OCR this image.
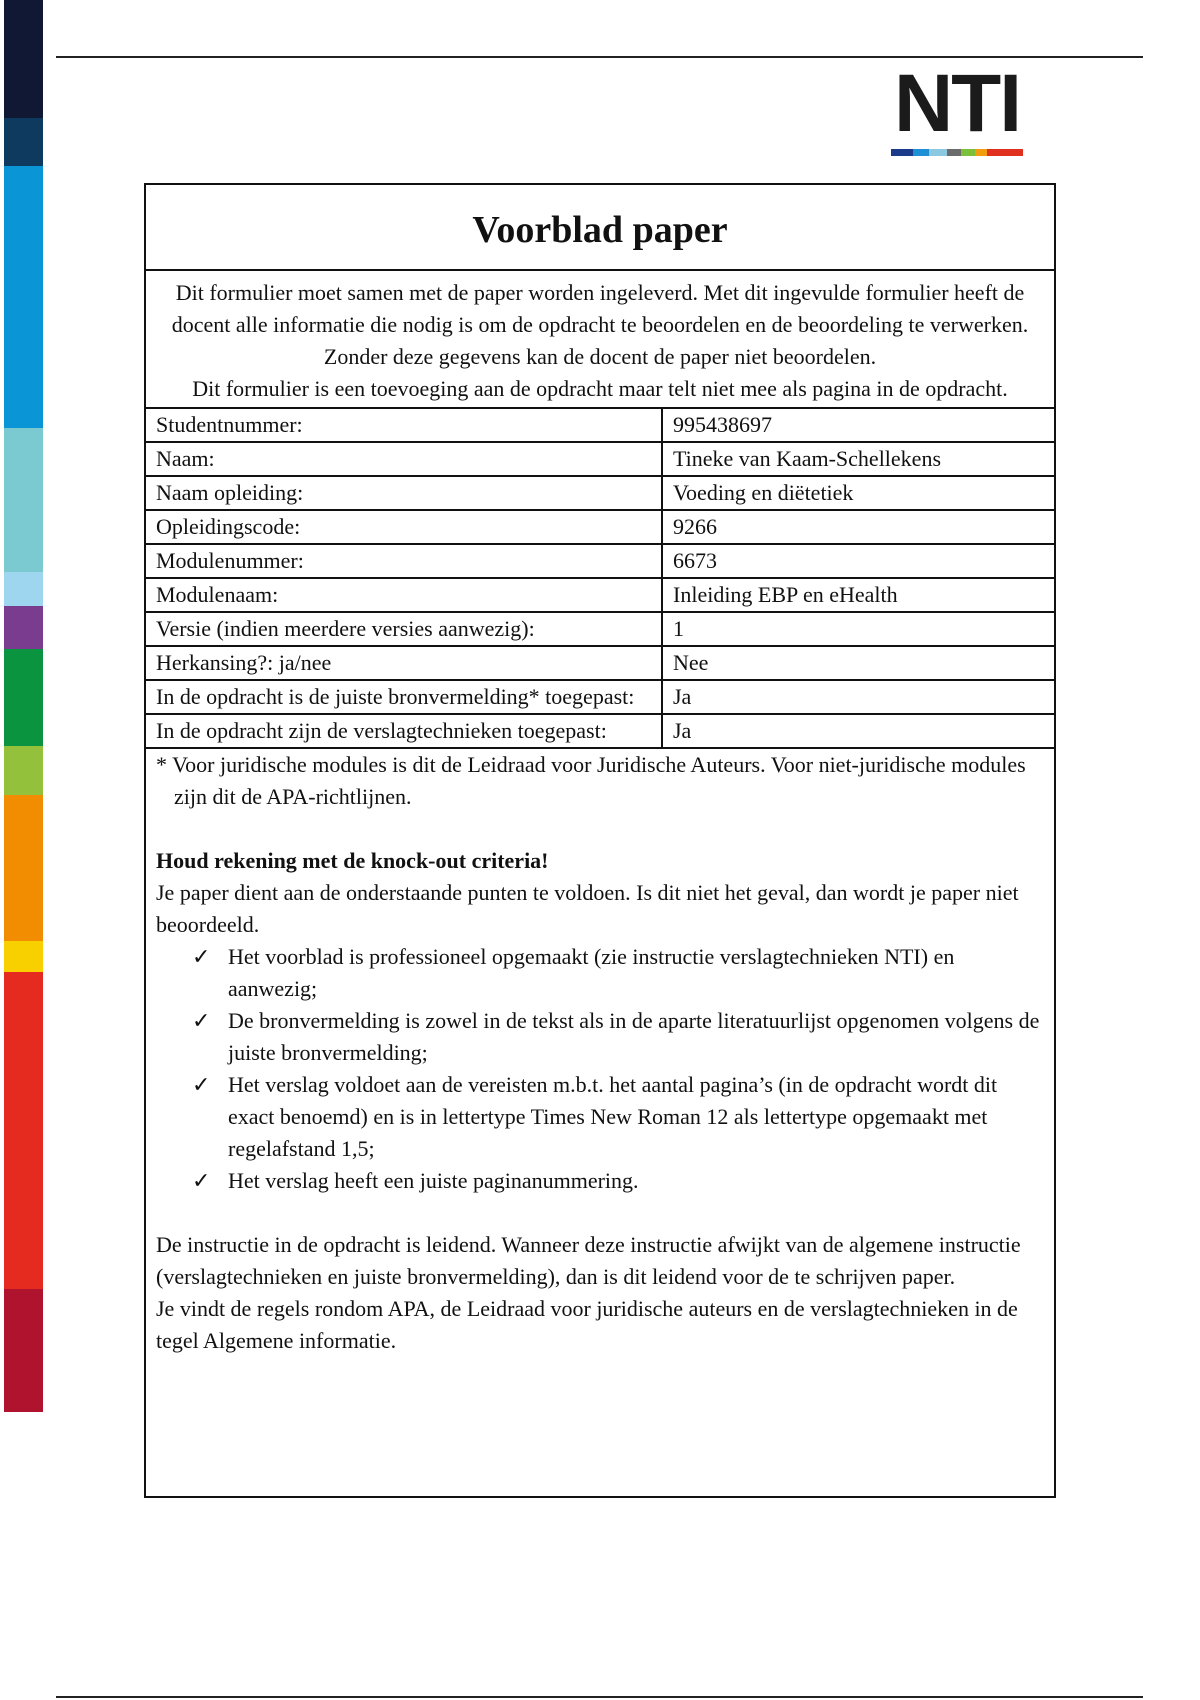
NTI
Voorblad paper

Dit formulier moet samen met de paper worden ingeleverd. Met dit ingevulde formulier heeft de docent alle informatie die nodig is om de opdracht te beoordelen en de beoordeling te verwerken. Zonder deze gegevens kan de docent de paper niet beoordelen.

Dit formulier is een toevoeging aan de opdracht maar telt niet mee als pagina in de opdracht.

Studentnummer:	995438697
Naam:	Tineke van Kaam-Schellekens
Naam opleiding:	Voeding en diëtetiek
Opleidingscode:	9266
Modulenummer:	6673
Modulenaam:	Inleiding EBP en eHealth
Versie (indien meerdere versies aanwezig):	1
Herkansing?: ja/nee	Nee
In de opdracht is de juiste bronvermelding* toegepast:	Ja
In de opdracht zijn de verslagtechnieken toegepast:	Ja

* Voor juridische modules is dit de Leidraad voor Juridische Auteurs. Voor niet-juridische modules zijn dit de APA-richtlijnen.

Houd rekening met de knock-out criteria!

Je paper dient aan de onderstaande punten te voldoen. Is dit niet het geval, dan wordt je paper niet beoordeeld.

✓ Het voorblad is professioneel opgemaakt (zie instructie verslagtechnieken NTI) en aanwezig;
✓ De bronvermelding is zowel in de tekst als in de aparte literatuurlijst opgenomen volgens de juiste bronvermelding;
✓ Het verslag voldoet aan de vereisten m.b.t. het aantal pagina’s (in de opdracht wordt dit exact benoemd) en is in lettertype Times New Roman 12 als lettertype opgemaakt met regelafstand 1,5;
✓ Het verslag heeft een juiste paginanummering.

De instructie in de opdracht is leidend. Wanneer deze instructie afwijkt van de algemene instructie (verslagtechnieken en juiste bronvermelding), dan is dit leidend voor de te schrijven paper.

Je vindt de regels rondom APA, de Leidraad voor juridische auteurs en de verslagtechnieken in de tegel Algemene informatie.
